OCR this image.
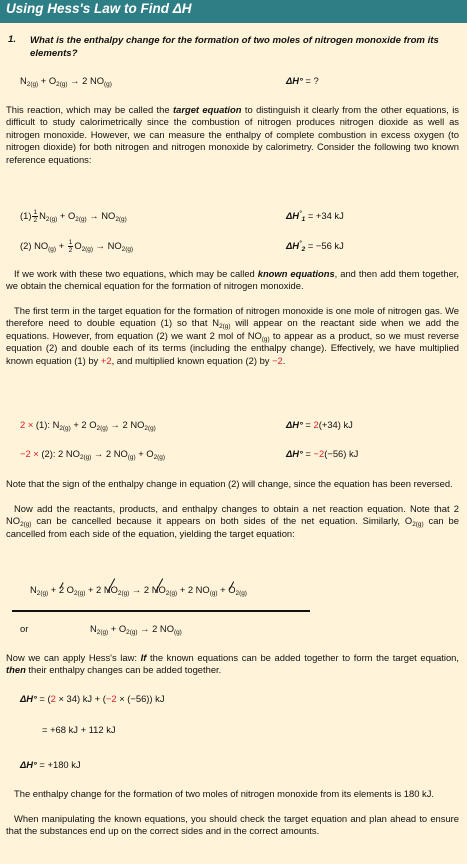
Using Hess's Law to Find ΔH
1. What is the enthalpy change for the formation of two moles of nitrogen monoxide from its elements?
$N_{2(g)} + O_{2(g)} \to 2$ $NO_{(g)}$	ΔH° = ?
This reaction, which may be called the target equation to distinguish it clearly from the other equations, is difficult to study calorimetrically since the combustion of nitrogen produces nitrogen dioxide as well as nitrogen monoxide. However, we can measure the enthalpy of complete combustion in excess oxygen (to nitrogen dioxide) for both nitrogen and nitrogen monoxide by calorimetry. Consider the following two known reference equations:
$(1) \frac{1}{2} N_{2(g)} + O_{2(g)} \to NO_{2(g)}$	$\Delta H^\circ_1 = +34$ kJ
(2) $NO_{(g)} + \frac{1}{2} O_{2(g)} \to NO_{2(g)}$	$\Delta H^\circ_2 = -56$ kJ
If we work with these two equations, which may be called known equations, and then add them together, we obtain the chemical equation for the formation of nitrogen monoxide.
The first term in the target equation for the formation of nitrogen monoxide is one mole of nitrogen gas. We therefore need to double equation (1) so that $N_{2(g)}$ will appear on the reactant side when we add the equations. However, from equation (2) we want 2 mol of $NO_{(g)}$ to appear as a product, so we must reverse equation (2) and double each of its terms (including the enthalpy change). Effectively, we have multiplied known equation (1) by +2, and multiplied known equation (2) by −2.
2 × (1): $N_{2(g)} + 2$ $O_{2(g)} \to 2$ $NO_{2(g)}$	ΔH° = 2(+34) kJ
−2 × (2): 2 $NO_{2(g)} \to 2$ $NO_{(g)} + O_{2(g)}$	ΔH° = −2(−56) kJ
Note that the sign of the enthalpy change in equation (2) will change, since the equation has been reversed.
Now add the reactants, products, and enthalpy changes to obtain a net reaction equation. Note that 2 $NO_{2(g)}$ can be cancelled because it appears on both sides of the net equation. Similarly, $O_{2(g)}$ can be cancelled from each side of the equation, yielding the target equation:
$N_{2(g)} + 2$ $O_{2(g)} + 2$ $NO_{2(g)} \to 2$ $NO_{2(g)} + 2$ $NO_{(g)} + O_{2(g)}$
or	$N_{2(g)} + O_{2(g)} \to 2$ $NO_{(g)}$
Now we can apply Hess's law: If the known equations can be added together to form the target equation, then their enthalpy changes can be added together.
ΔH° = (2 × 34) kJ + (−2 × (−56)) kJ
= +68 kJ + 112 kJ
ΔH° = +180 kJ
The enthalpy change for the formation of two moles of nitrogen monoxide from its elements is 180 kJ.
When manipulating the known equations, you should check the target equation and plan ahead to ensure that the substances end up on the correct sides and in the correct amounts.
